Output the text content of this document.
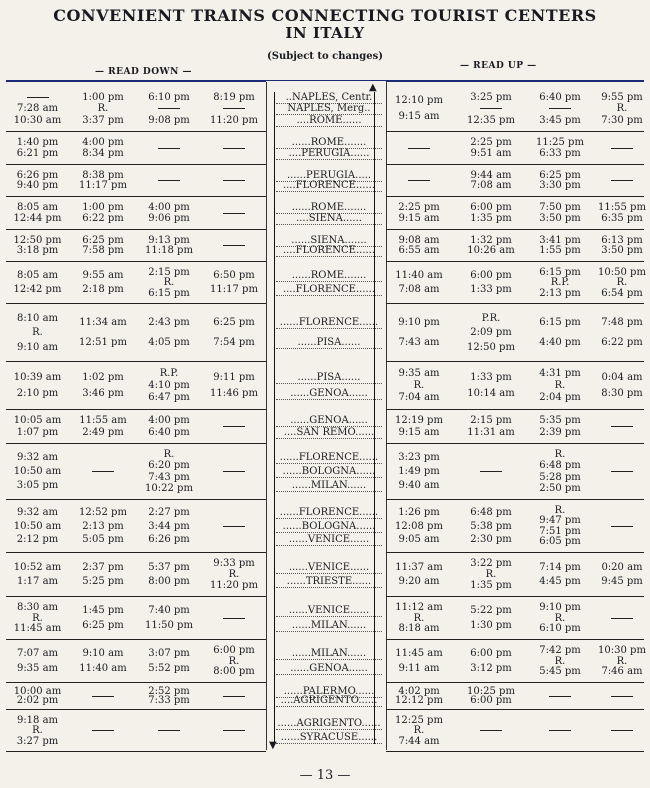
CONVENIENT TRAINS CONNECTING TOURIST CENTERS
IN ITALY
(Subject to changes)
— READ DOWN —
— READ UP —
▲
▼
7:28 am
10:30 am
1:00 pm
R.
3:37 pm
6:10 pm
9:08 pm
8:19 pm
11:20 pm
12:10 pm
9:15 am
3:25 pm
12:35 pm
6:40 pm
3:45 pm
9:55 pm
R.
7:30 pm
..NAPLES, Centr.
NAPLES, Merg..
....ROME......
1:40 pm
6:21 pm
4:00 pm
8:34 pm
2:25 pm
9:51 am
11:25 pm
6:33 pm
......ROME.......
....PERUGIA......
6:26 pm
9:40 pm
8:38 pm
11:17 pm
9:44 am
7:08 am
6:25 pm
3:30 pm
......PERUGIA.....
....FLORENCE......
8:05 am
12:44 pm
1:00 pm
6:22 pm
4:00 pm
9:06 pm
2:25 pm
9:15 am
6:00 pm
1:35 pm
7:50 pm
3:50 pm
11:55 pm
6:35 pm
......ROME.......
....SIENA......
12:50 pm
3:18 pm
6:25 pm
7:58 pm
9:13 pm
11:18 pm
9:08 am
6:55 am
1:32 pm
10:26 am
3:41 pm
1:55 pm
6:13 pm
3:50 pm
......SIENA.......
....FLORENCE......
8:05 am
12:42 pm
9:55 am
2:18 pm
2:15 pm
R.
6:15 pm
6:50 pm
11:17 pm
11:40 am
7:08 am
6:00 pm
1:33 pm
6:15 pm
R.P.
2:13 pm
10:50 pm
R.
6:54 pm
......ROME.......
....FLORENCE......
8:10 am
R.
9:10 am
11:34 am
12:51 pm
2:43 pm
4:05 pm
6:25 pm
7:54 pm
9:10 pm
7:43 am
P.R.
2:09 pm
12:50 pm
6:15 pm
4:40 pm
7:48 pm
6:22 pm
......FLORENCE......
......PISA......
10:39 am
2:10 pm
1:02 pm
3:46 pm
R.P.
4:10 pm
6:47 pm
9:11 pm
11:46 pm
9:35 am
R.
7:04 am
1:33 pm
10:14 am
4:31 pm
R.
2:04 pm
0:04 am
8:30 pm
......PISA......
......GENOA......
10:05 am
1:07 pm
11:55 am
2:49 pm
4:00 pm
6:40 pm
12:19 pm
9:15 am
2:15 pm
11:31 am
5:35 pm
2:39 pm
......GENOA......
....SAN REMO......
9:32 am
10:50 am
3:05 pm
R.
6:20 pm
7:43 pm
10:22 pm
3:23 pm
1:49 pm
9:40 am
R.
6:48 pm
5:28 pm
2:50 pm
......FLORENCE......
......BOLOGNA......
......MILAN......
9:32 am
10:50 am
2:12 pm
12:52 pm
2:13 pm
5:05 pm
2:27 pm
3:44 pm
6:26 pm
1:26 pm
12:08 pm
9:05 am
6:48 pm
5:38 pm
2:30 pm
R.
9:47 pm
7:51 pm
6:05 pm
......FLORENCE......
......BOLOGNA......
......VENICE......
10:52 am
1:17 am
2:37 pm
5:25 pm
5:37 pm
8:00 pm
9:33 pm
R.
11:20 pm
11:37 am
9:20 am
3:22 pm
R.
1:35 pm
7:14 pm
4:45 pm
0:20 am
9:45 pm
......VENICE......
......TRIESTE......
8:30 am
R.
11:45 am
1:45 pm
6:25 pm
7:40 pm
11:50 pm
11:12 am
R.
8:18 am
5:22 pm
1:30 pm
9:10 pm
R.
6:10 pm
......VENICE......
......MILAN......
7:07 am
9:35 am
9:10 am
11:40 am
3:07 pm
5:52 pm
6:00 pm
R.
8:00 pm
11:45 am
9:11 am
6:00 pm
3:12 pm
7:42 pm
R.
5:45 pm
10:30 pm
R.
7:46 am
......MILAN......
......GENOA......
10:00 am
2:02 pm
2:52 pm
7:33 pm
4:02 pm
12:12 pm
10:25 pm
6:00 pm
......PALERMO......
....AGRIGENTO......
9:18 am
R.
3:27 pm
12:25 pm
R.
7:44 am
......AGRIGENTO......
......SYRACUSE......
— 13 —
